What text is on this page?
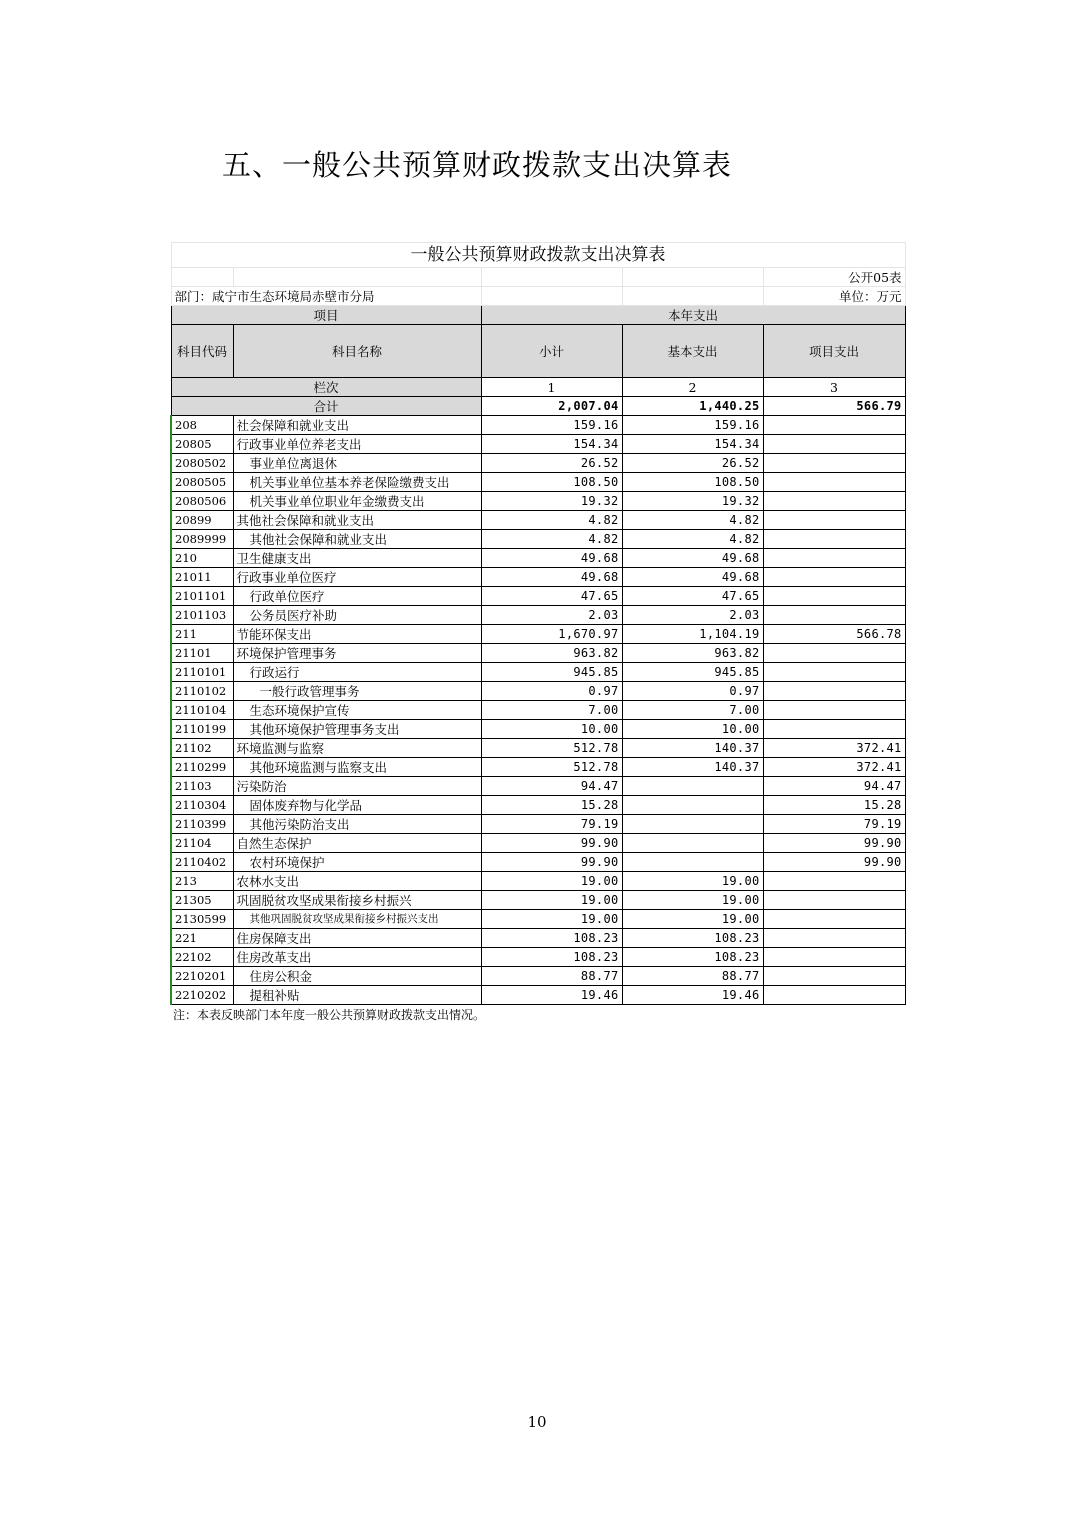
五、一般公共预算财政拨款支出决算表
一般公共预算财政拨款支出决算表				
				公开05表
部门：咸宁市生态环境局赤壁市分局				单位：万元
项目		本年支出		
科目代码	科目名称	小计	基本支出	项目支出
栏次		1	2	3
合计		2,007.04	1,440.25	566.79
208	社会保障和就业支出	159.16	159.16	
20805	行政事业单位养老支出	154.34	154.34	
2080502	事业单位离退休	26.52	26.52	
2080505	机关事业单位基本养老保险缴费支出	108.50	108.50	
2080506	机关事业单位职业年金缴费支出	19.32	19.32	
20899	其他社会保障和就业支出	4.82	4.82	
2089999	其他社会保障和就业支出	4.82	4.82	
210	卫生健康支出	49.68	49.68	
21011	行政事业单位医疗	49.68	49.68	
2101101	行政单位医疗	47.65	47.65	
2101103	公务员医疗补助	2.03	2.03	
211	节能环保支出	1,670.97	1,104.19	566.78
21101	环境保护管理事务	963.82	963.82	
2110101	行政运行	945.85	945.85	
2110102	一般行政管理事务	0.97	0.97	
2110104	生态环境保护宣传	7.00	7.00	
2110199	其他环境保护管理事务支出	10.00	10.00	
21102	环境监测与监察	512.78	140.37	372.41
2110299	其他环境监测与监察支出	512.78	140.37	372.41
21103	污染防治	94.47		94.47
2110304	固体废弃物与化学品	15.28		15.28
2110399	其他污染防治支出	79.19		79.19
21104	自然生态保护	99.90		99.90
2110402	农村环境保护	99.90		99.90
213	农林水支出	19.00	19.00	
21305	巩固脱贫攻坚成果衔接乡村振兴	19.00	19.00	
2130599	其他巩固脱贫攻坚成果衔接乡村振兴支出	19.00	19.00	
221	住房保障支出	108.23	108.23	
22102	住房改革支出	108.23	108.23	
2210201	住房公积金	88.77	88.77	
2210202	提租补贴	19.46	19.46	
注：本表反映部门本年度一般公共预算财政拨款支出情况。
10
